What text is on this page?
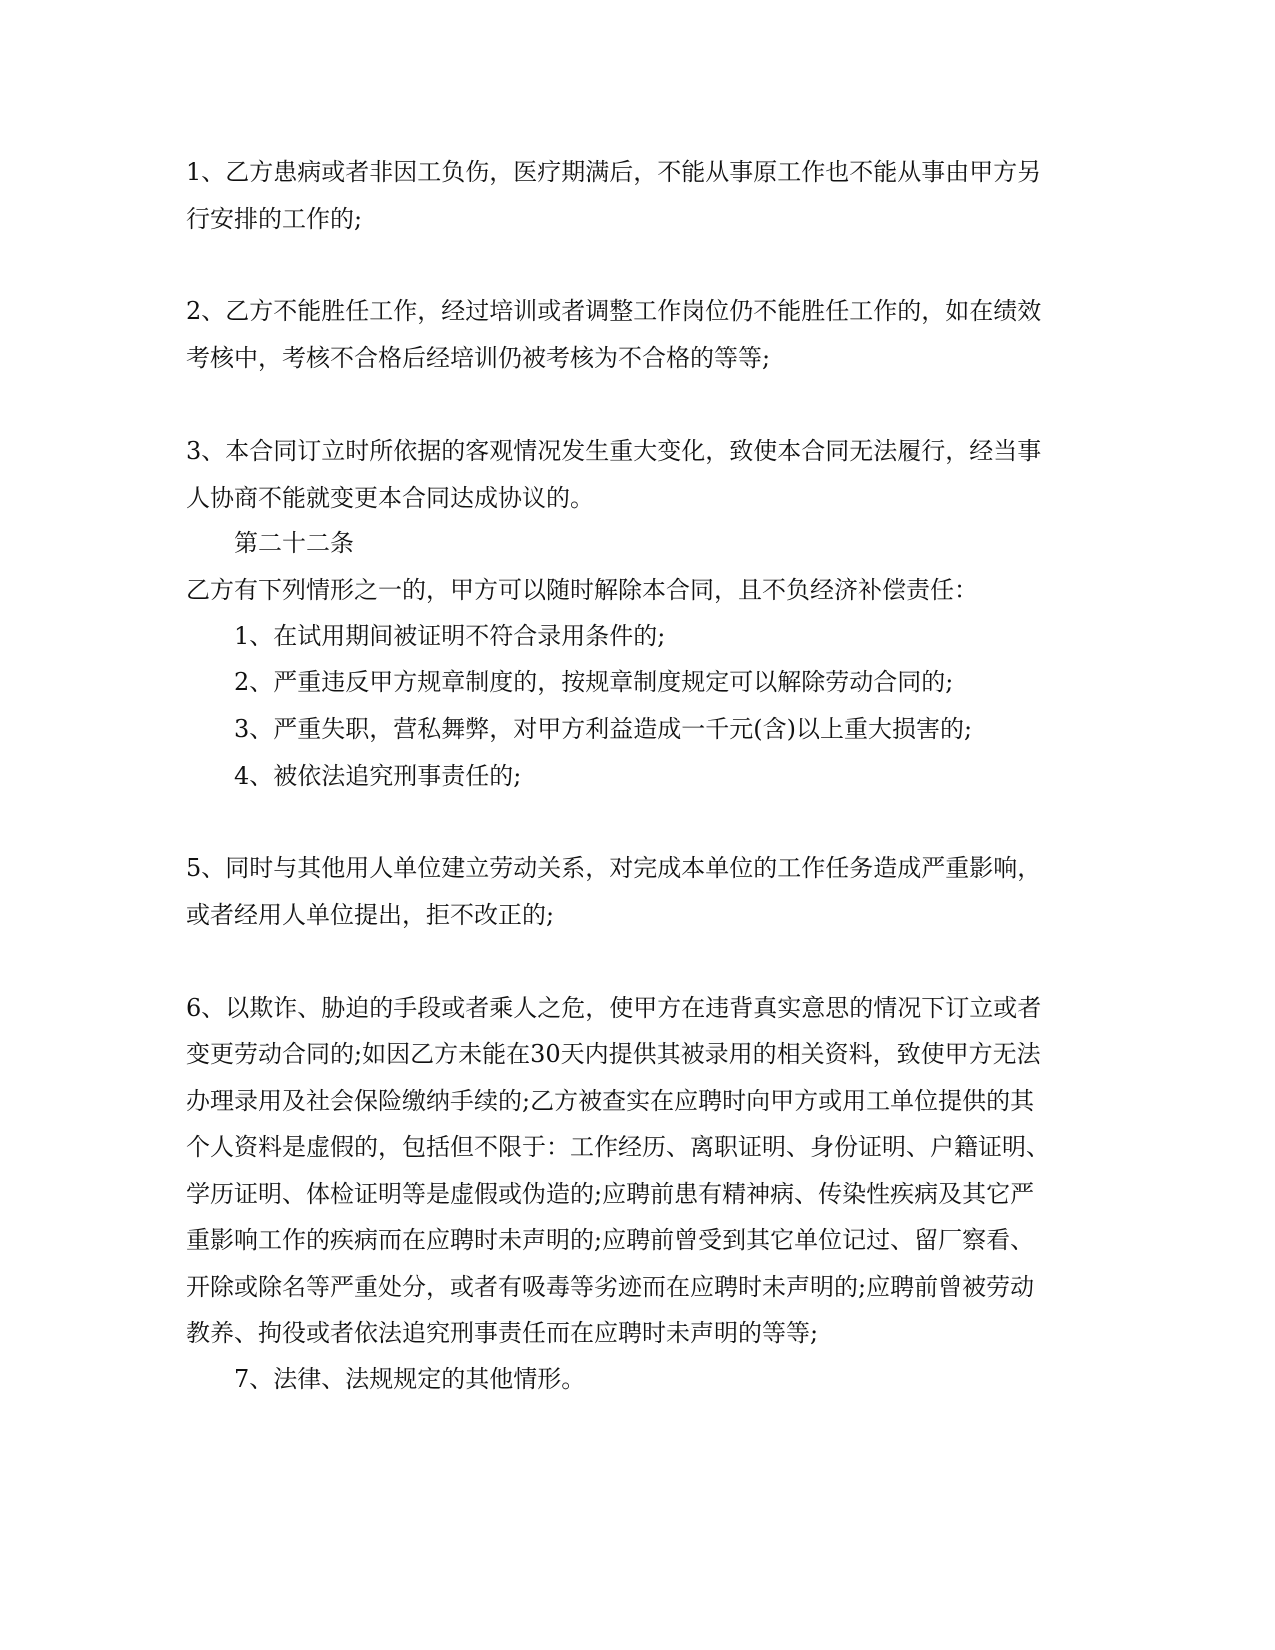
1、乙方患病或者非因工负伤，医疗期满后，不能从事原工作也不能从事由甲方另
行安排的工作的;
2、乙方不能胜任工作，经过培训或者调整工作岗位仍不能胜任工作的，如在绩效
考核中，考核不合格后经培训仍被考核为不合格的等等;
3、本合同订立时所依据的客观情况发生重大变化，致使本合同无法履行，经当事
人协商不能就变更本合同达成协议的。
第二十二条
乙方有下列情形之一的，甲方可以随时解除本合同，且不负经济补偿责任：
1、在试用期间被证明不符合录用条件的;
2、严重违反甲方规章制度的，按规章制度规定可以解除劳动合同的;
3、严重失职，营私舞弊，对甲方利益造成一千元(含)以上重大损害的;
4、被依法追究刑事责任的;
5、同时与其他用人单位建立劳动关系，对完成本单位的工作任务造成严重影响，
或者经用人单位提出，拒不改正的;
6、以欺诈、胁迫的手段或者乘人之危，使甲方在违背真实意思的情况下订立或者
变更劳动合同的;如因乙方未能在30天内提供其被录用的相关资料，致使甲方无法
办理录用及社会保险缴纳手续的;乙方被查实在应聘时向甲方或用工单位提供的其
个人资料是虚假的，包括但不限于：工作经历、离职证明、身份证明、户籍证明、
学历证明、体检证明等是虚假或伪造的;应聘前患有精神病、传染性疾病及其它严
重影响工作的疾病而在应聘时未声明的;应聘前曾受到其它单位记过、留厂察看、
开除或除名等严重处分，或者有吸毒等劣迹而在应聘时未声明的;应聘前曾被劳动
教养、拘役或者依法追究刑事责任而在应聘时未声明的等等;
7、法律、法规规定的其他情形。
